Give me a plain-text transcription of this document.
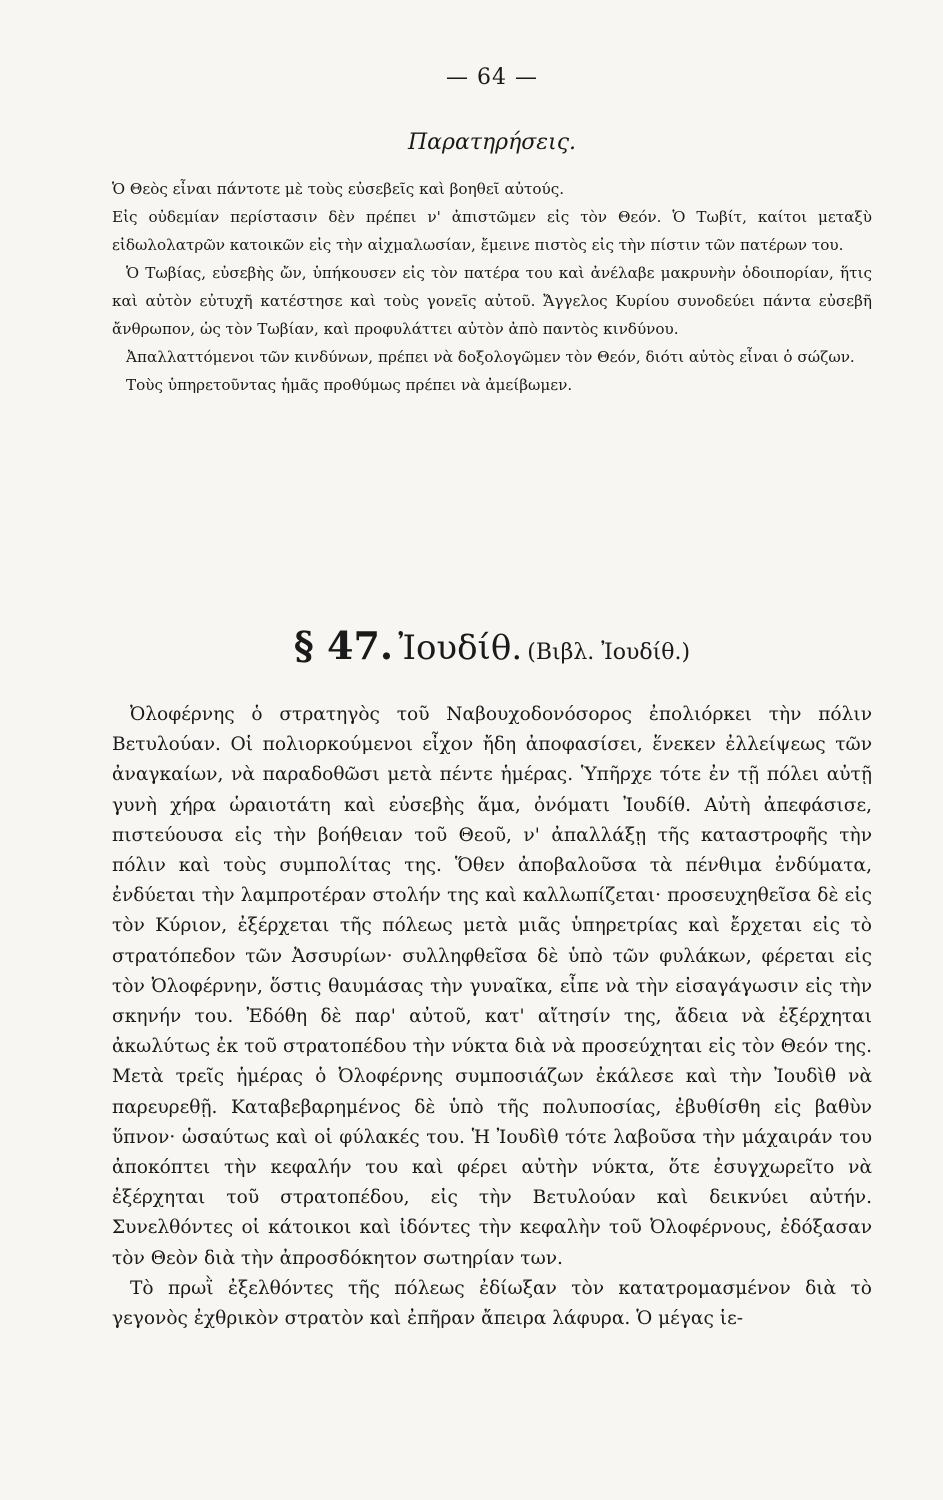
— 64 —
Παρατηρήσεις.

Ὁ Θεὸς εἶναι πάντοτε μὲ τοὺς εὐσεβεῖς καὶ βοηθεῖ αὐτούς.

Εἰς οὐδεμίαν περίστασιν δὲν πρέπει ν' ἀπιστῶμεν εἰς τὸν Θεόν. Ὁ Τωβίτ, καίτοι μεταξὺ εἰδωλολατρῶν κατοικῶν εἰς τὴν αἰχμαλωσίαν, ἔμεινε πιστὸς εἰς τὴν πίστιν τῶν πατέρων του.

Ὁ Τωβίας, εὐσεβὴς ὤν, ὑπήκουσεν εἰς τὸν πατέρα του καὶ ἀνέλαβε μακρυνὴν ὁδοιπορίαν, ἥτις καὶ αὐτὸν εὐτυχῆ κατέστησε καὶ τοὺς γονεῖς αὐτοῦ. Ἄγγελος Κυρίου συνοδεύει πάντα εὐσεβῆ ἄνθρωπον, ὡς τὸν Τωβίαν, καὶ προφυλάττει αὐτὸν ἀπὸ παντὸς κινδύνου.

Ἀπαλλαττόμενοι τῶν κινδύνων, πρέπει νὰ δοξολογῶμεν τὸν Θεόν, διότι αὐτὸς εἶναι ὁ σώζων.

Τοὺς ὑπηρετοῦντας ἡμᾶς προθύμως πρέπει νὰ ἀμείβωμεν.

§ 47. Ἰουδίθ. (Βιβλ. Ἰουδίθ.)

Ὀλοφέρνης ὁ στρατηγὸς τοῦ Ναβουχοδονόσορος ἐπολιόρκει τὴν πόλιν Βετυλούαν. Οἱ πολιορκούμενοι εἶχον ἤδη ἀποφασίσει, ἕνεκεν ἐλλείψεως τῶν ἀναγκαίων, νὰ παραδοθῶσι μετὰ πέντε ἡμέρας. Ὑπῆρχε τότε ἐν τῇ πόλει αὐτῇ γυνὴ χήρα ὡραιοτάτη καὶ εὐσεβὴς ἅμα, ὀνόματι Ἰουδίθ. Αὐτὴ ἀπεφάσισε, πιστεύουσα εἰς τὴν βοήθειαν τοῦ Θεοῦ, ν' ἀπαλλάξῃ τῆς καταστροφῆς τὴν πόλιν καὶ τοὺς συμπολίτας της. Ὅθεν ἀποβαλοῦσα τὰ πένθιμα ἐνδύματα, ἐνδύεται τὴν λαμπροτέραν στολήν της καὶ καλλωπίζεται· προσευχηθεῖσα δὲ εἰς τὸν Κύριον, ἐξέρχεται τῆς πόλεως μετὰ μιᾶς ὑπηρετρίας καὶ ἔρχεται εἰς τὸ στρατόπεδον τῶν Ἀσσυρίων· συλληφθεῖσα δὲ ὑπὸ τῶν φυλάκων, φέρεται εἰς τὸν Ὀλοφέρνην, ὅστις θαυμάσας τὴν γυναῖκα, εἶπε νὰ τὴν εἰσαγάγωσιν εἰς τὴν σκηνήν του. Ἐδόθη δὲ παρ' αὐτοῦ, κατ' αἴτησίν της, ἄδεια νὰ ἐξέρχηται ἀκωλύτως ἐκ τοῦ στρατοπέδου τὴν νύκτα διὰ νὰ προσεύχηται εἰς τὸν Θεόν της. Μετὰ τρεῖς ἡμέρας ὁ Ὀλοφέρνης συμποσιάζων ἐκάλεσε καὶ τὴν Ἰουδὶθ νὰ παρευρεθῇ. Καταβεβαρημένος δὲ ὑπὸ τῆς πολυποσίας, ἐβυθίσθη εἰς βαθὺν ὕπνον· ὡσαύτως καὶ οἱ φύλακές του. Ἡ Ἰουδὶθ τότε λαβοῦσα τὴν μάχαιράν του ἀποκόπτει τὴν κεφαλήν του καὶ φέρει αὐτὴν νύκτα, ὅτε ἐσυγχωρεῖτο νὰ ἐξέρχηται τοῦ στρατοπέδου, εἰς τὴν Βετυλούαν καὶ δεικνύει αὐτήν. Συνελθόντες οἱ κάτοικοι καὶ ἰδόντες τὴν κεφαλὴν τοῦ Ὀλοφέρνους, ἐδόξασαν τὸν Θεὸν διὰ τὴν ἀπροσδόκητον σωτηρίαν των.

Τὸ πρωῒ ἐξελθόντες τῆς πόλεως ἐδίωξαν τὸν κατατρομασμένον διὰ τὸ γεγονὸς ἐχθρικὸν στρατὸν καὶ ἐπῆραν ἄπειρα λάφυρα. Ὁ μέγας ἱε-
